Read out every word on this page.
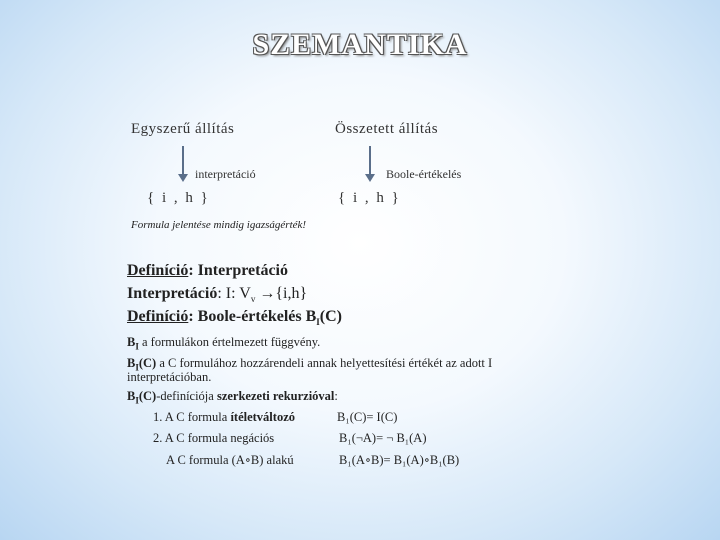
SZEMANTIKA
Egyszerű állítás
interpretáció
{ i , h }
Összetett állítás
Boole-értékelés
{ i , h }
Formula jelentése mindig igazságérték!
Definíció: Interpretáció
Interpretáció: I: $V_v \to\{i,h\}$
Definíció: Boole-értékelés $B_I(C)$
$B_I$ a formulákon értelmezett függvény.
$B_I(C)$ a C formulához hozzárendeli annak helyettesítési értékét az adott I
interpretációban.
$B_I(C)$-definíciója szerkezeti rekurzióval:
1. A C formula ítéletváltozó	B₁(C)= I(C)
2. A C formula negációs	B₁(¬A)= ¬ B₁(A)
A C formula (A∘B) alakú	B₁(A∘B)= B₁(A)∘B₁(B)
